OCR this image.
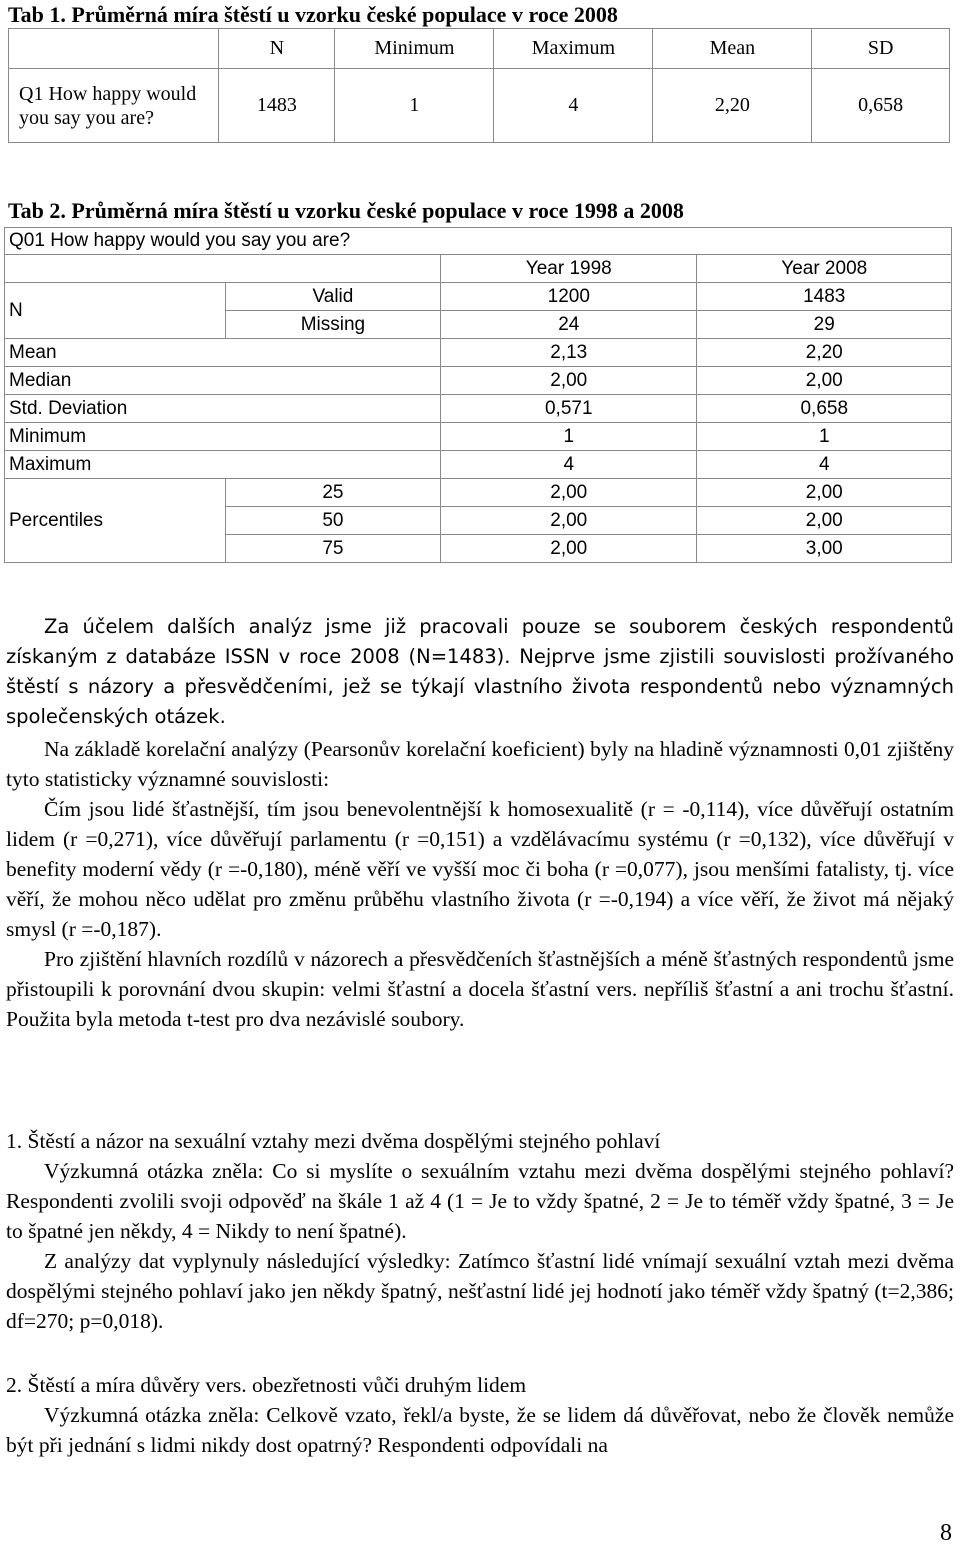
Tab 1. Průměrná míra štěstí u vzorku české populace v roce 2008
	N	Minimum	Maximum	Mean	SD
Q1 How happy would you say you are?	1483	1	4	2,20	0,658
Tab 2. Průměrná míra štěstí u vzorku české populace v roce 1998 a 2008
Q01 How happy would you say you are?			
		Year 1998	Year 2008
N	Valid	1200	1483
	Missing	24	29
Mean		2,13	2,20
Median		2,00	2,00
Std. Deviation		0,571	0,658
Minimum		1	1
Maximum		4	4
Percentiles	25	2,00	2,00
	50	2,00	2,00
	75	2,00	3,00

Za účelem dalších analýz jsme již pracovali pouze se souborem českých respondentů získaným z databáze ISSN v roce 2008 (N=1483). Nejprve jsme zjistili souvislosti prožívaného štěstí s názory a přesvědčeními, jež se týkají vlastního života respondentů nebo významných společenských otázek.

Na základě korelační analýzy (Pearsonův korelační koeficient) byly na hladině významnosti 0,01 zjištěny tyto statisticky významné souvislosti:

Čím jsou lidé šťastnější, tím jsou benevolentnější k homosexualitě (r = -0,114), více důvěřují ostatním lidem (r =0,271), více důvěřují parlamentu (r =0,151) a vzdělávacímu systému (r =0,132), více důvěřují v benefity moderní vědy (r =-0,180), méně věří ve vyšší moc či boha (r =0,077), jsou menšími fatalisty, tj. více věří, že mohou něco udělat pro změnu průběhu vlastního života (r =-0,194) a více věří, že život má nějaký smysl (r =-0,187).

Pro zjištění hlavních rozdílů v názorech a přesvědčeních šťastnějších a méně šťastných respondentů jsme přistoupili k porovnání dvou skupin: velmi šťastní a docela šťastní vers. nepříliš šťastní a ani trochu šťastní. Použita byla metoda t-test pro dva nezávislé soubory.

1. Štěstí a názor na sexuální vztahy mezi dvěma dospělými stejného pohlaví

Výzkumná otázka zněla: Co si myslíte o sexuálním vztahu mezi dvěma dospělými stejného pohlaví? Respondenti zvolili svoji odpověď na škále 1 až 4 (1 = Je to vždy špatné, 2 = Je to téměř vždy špatné, 3 = Je to špatné jen někdy, 4 = Nikdy to není špatné).

Z analýzy dat vyplynuly následující výsledky: Zatímco šťastní lidé vnímají sexuální vztah mezi dvěma dospělými stejného pohlaví jako jen někdy špatný, nešťastní lidé jej hodnotí jako téměř vždy špatný (t=2,386; df=270; p=0,018).

2. Štěstí a míra důvěry vers. obezřetnosti vůči druhým lidem

Výzkumná otázka zněla: Celkově vzato, řekl/a byste, že se lidem dá důvěřovat, nebo že člověk nemůže být při jednání s lidmi nikdy dost opatrný? Respondenti odpovídali na

8
